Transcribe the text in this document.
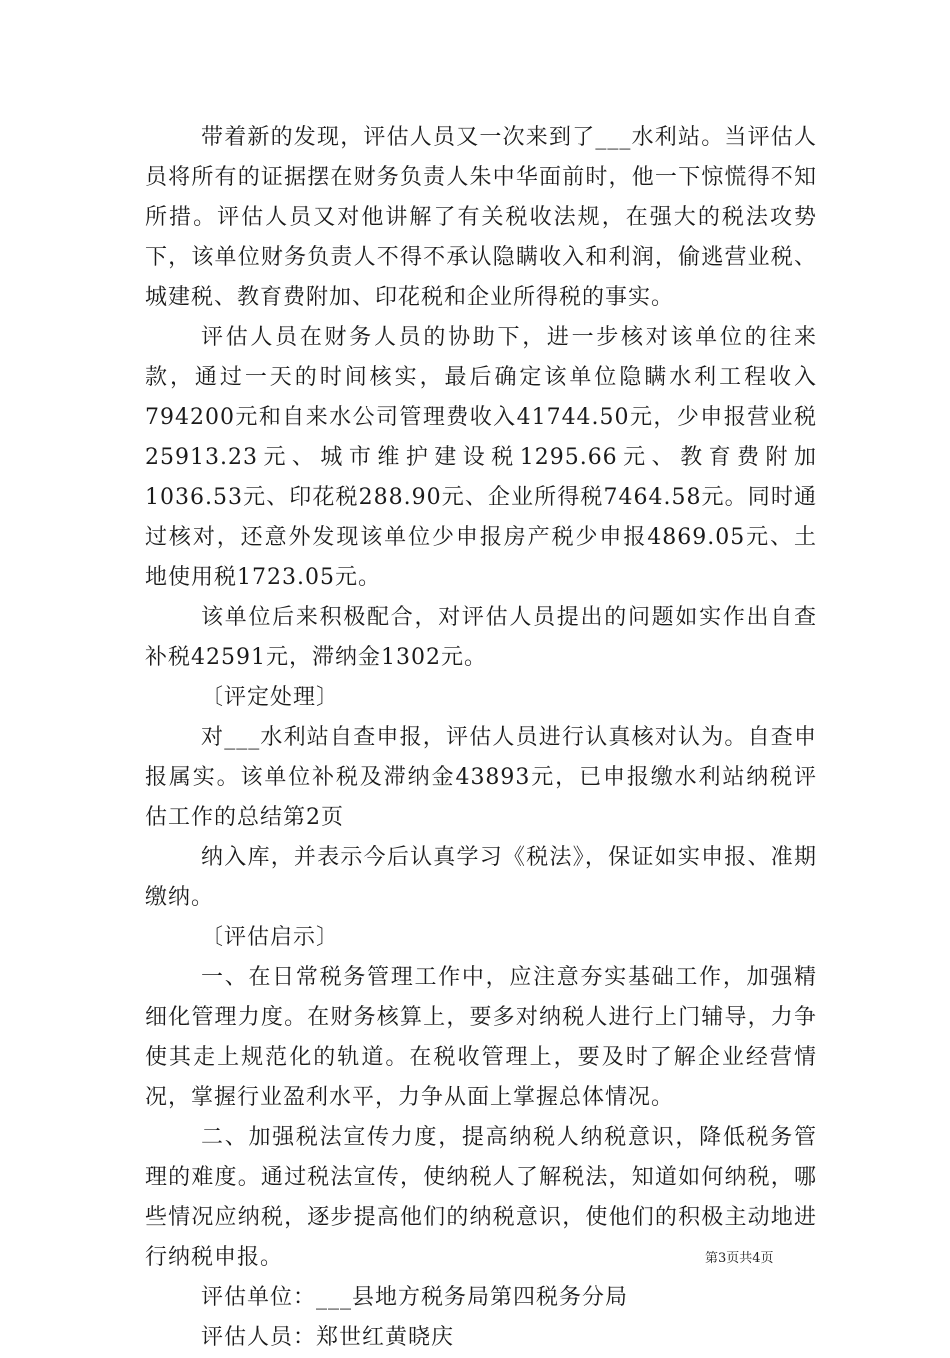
带着新的发现，评估人员又一次来到了___水利站。当评估人员将所有的证据摆在财务负责人朱中华面前时，他一下惊慌得不知所措。评估人员又对他讲解了有关税收法规，在强大的税法攻势下，该单位财务负责人不得不承认隐瞒收入和利润，偷逃营业税、城建税、教育费附加、印花税和企业所得税的事实。

评估人员在财务人员的协助下，进一步核对该单位的往来款，通过一天的时间核实，最后确定该单位隐瞒水利工程收入794200元和自来水公司管理费收入41744.50元，少申报营业税25913.23元、城市维护建设税1295.66元、教育费附加1036.53元、印花税288.90元、企业所得税7464.58元。同时通过核对，还意外发现该单位少申报房产税少申报4869.05元、土地使用税1723.05元。

该单位后来积极配合，对评估人员提出的问题如实作出自查补税42591元，滞纳金1302元。

〔评定处理〕

对___水利站自查申报，评估人员进行认真核对认为。自查申报属实。该单位补税及滞纳金43893元，已申报缴水利站纳税评估工作的总结第2页

纳入库，并表示今后认真学习《税法》，保证如实申报、准期缴纳。

〔评估启示〕

一、在日常税务管理工作中，应注意夯实基础工作，加强精细化管理力度。在财务核算上，要多对纳税人进行上门辅导，力争使其走上规范化的轨道。在税收管理上，要及时了解企业经营情况，掌握行业盈利水平，力争从面上掌握总体情况。

二、加强税法宣传力度，提高纳税人纳税意识，降低税务管理的难度。通过税法宣传，使纳税人了解税法，知道如何纳税，哪些情况应纳税，逐步提高他们的纳税意识，使他们的积极主动地进行纳税申报。

评估单位：___县地方税务局第四税务分局

评估人员：郑世红黄晓庆

第3页共4页
